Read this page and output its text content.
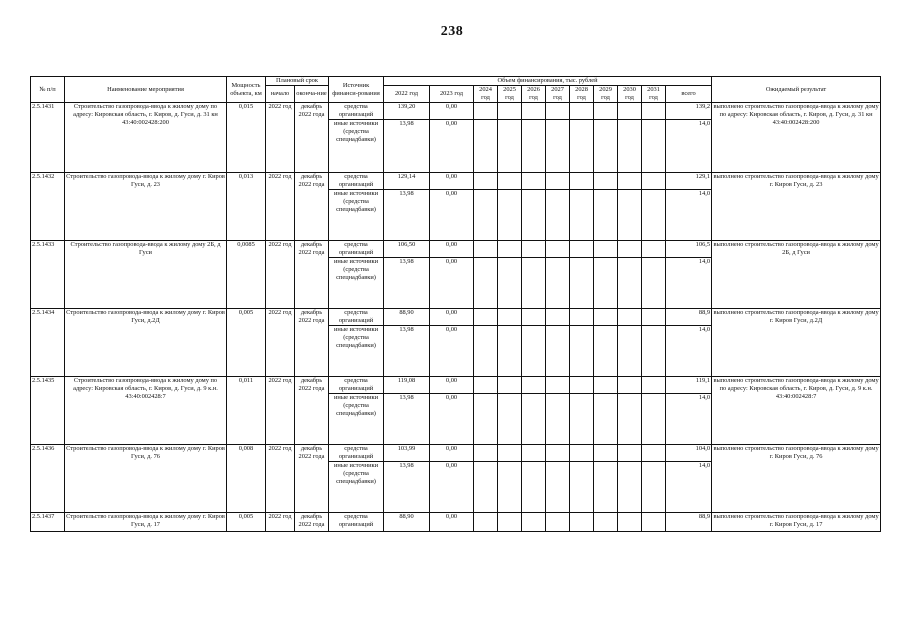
238
№ п/п	Наименование мероприятия	Мощность объекта, км	Плановый срок		Источник финанси-рования	Объем финансирования, тыс. рублей											Ожидаемый результат
			начало	оконча-ние		2022 год	2023 год	2024 год	2025 год	2026 год	2027 год	2028 год	2029 год	2030 год	2031 год	всего	
2.5.1431	Строительство газопровода-ввода к жилому дому по адресу: Кировская область, г. Киров, д. Гуси, д. 31 кн 43:40:002428:200	0,015	2022 год	декабрь 2022 года	средства организаций	139,20	0,00									139,2	выполнено строительство газопровода-ввода к жилому дому по адресу: Кировская область, г. Киров, д. Гуси, д. 31 кн 43:40:002428:200
					иные источники (средства спецнадбавки)	13,98	0,00									14,0	
2.5.1432	Строительство газопровода-ввода к жилому дому г. Киров Гуси, д. 23	0,013	2022 год	декабрь 2022 года	средства организаций	129,14	0,00									129,1	выполнено строительство газопровода-ввода к жилому дому г. Киров Гуси, д. 23
					иные источники (средства спецнадбавки)	13,98	0,00									14,0	
2.5.1433	Строительство газопровода-ввода к жилому дому 2Б, д Гуси	0,0085	2022 год	декабрь 2022 года	средства организаций	106,50	0,00									106,5	выполнено строительство газопровода-ввода к жилому дому 2Б, д Гуси
					иные источники (средства спецнадбавки)	13,98	0,00									14,0	
2.5.1434	Строительство газопровода-ввода к жилому дому г. Киров Гуси, д.2Д	0,005	2022 год	декабрь 2022 года	средства организаций	88,90	0,00									88,9	выполнено строительство газопровода-ввода к жилому дому г. Киров Гуси, д.2Д
					иные источники (средства спецнадбавки)	13,98	0,00									14,0	
2.5.1435	Строительство газопровода-ввода к жилому дому по адресу: Кировская область, г. Киров, д. Гуси, д. 9 к.н. 43:40:002428:7	0,011	2022 год	декабрь 2022 года	средства организаций	119,08	0,00									119,1	выполнено строительство газопровода-ввода к жилому дому по адресу: Кировская область, г. Киров, д. Гуси, д. 9 к.н. 43:40:002428:7
					иные источники (средства спецнадбавки)	13,98	0,00									14,0	
2.5.1436	Строительство газопровода-ввода к жилому дому г. Киров Гуси, д. 76	0,008	2022 год	декабрь 2022 года	средства организаций	103,99	0,00									104,0	выполнено строительство газопровода-ввода к жилому дому г. Киров Гуси, д. 76
					иные источники (средства спецнадбавки)	13,98	0,00									14,0	
2.5.1437	Строительство газопровода-ввода к жилому дому г. Киров Гуси, д. 17	0,005	2022 год	декабрь 2022 года	средства организаций	88,90	0,00									88,9	выполнено строительство газопровода-ввода к жилому дому г. Киров Гуси, д. 17
